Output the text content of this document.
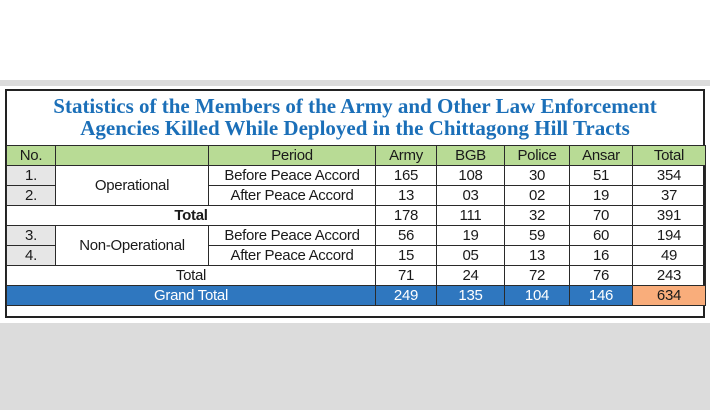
Statistics of the Members of the Army and Other Law Enforcement
Agencies Killed While Deployed in the Chittagong Hill Tracts
No.		Period	Army	BGB	Police	Ansar	Total
1.	Operational	Before Peace Accord	165	108	30	51	354
2.		After Peace Accord	13	03	02	19	37
Total			178	111	32	70	391
3.	Non-Operational	Before Peace Accord	56	19	59	60	194
4.		After Peace Accord	15	05	13	16	49
Total			71	24	72	76	243
Grand Total			249	135	104	146	634
